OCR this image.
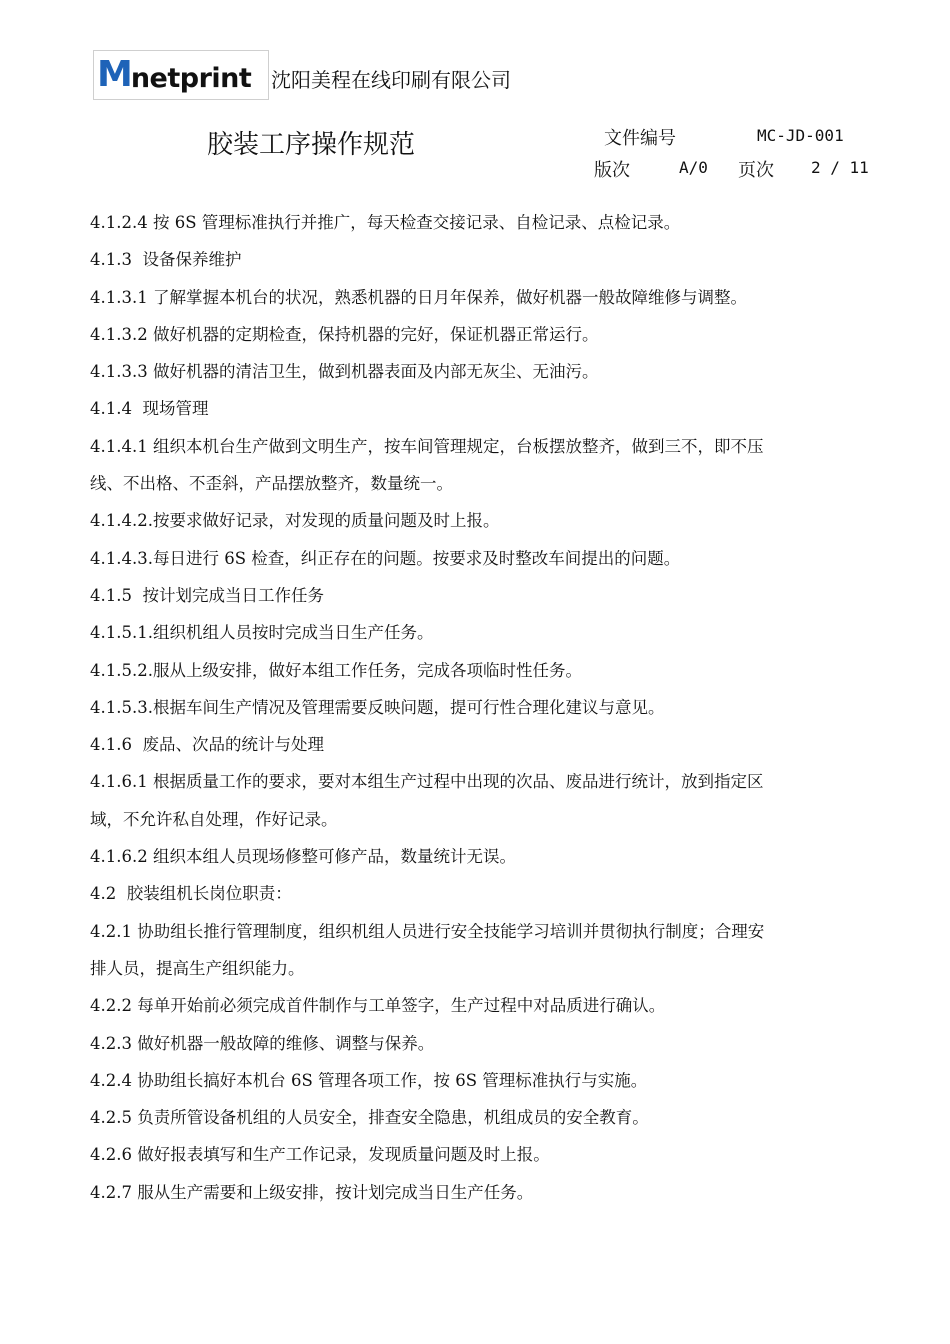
M netprint 沈阳美程在线印刷有限公司
胶装工序操作规范	文件编号	MC-JD-001
版次	A/0 页次 2 / 11

4.1.2.4 按 6S 管理标准执行并推广，每天检查交接记录、自检记录、点检记录。

4.1.3  设备保养维护

4.1.3.1 了解掌握本机台的状况，熟悉机器的日月年保养，做好机器一般故障维修与调整。

4.1.3.2 做好机器的定期检查，保持机器的完好，保证机器正常运行。

4.1.3.3 做好机器的清洁卫生，做到机器表面及内部无灰尘、无油污。

4.1.4  现场管理

4.1.4.1 组织本机台生产做到文明生产，按车间管理规定，台板摆放整齐，做到三不，即不压

线、不出格、不歪斜，产品摆放整齐，数量统一。

4.1.4.2.按要求做好记录，对发现的质量问题及时上报。

4.1.4.3.每日进行 6S 检查，纠正存在的问题。按要求及时整改车间提出的问题。

4.1.5  按计划完成当日工作任务

4.1.5.1.组织机组人员按时完成当日生产任务。

4.1.5.2.服从上级安排，做好本组工作任务，完成各项临时性任务。

4.1.5.3.根据车间生产情况及管理需要反映问题，提可行性合理化建议与意见。

4.1.6  废品、次品的统计与处理

4.1.6.1 根据质量工作的要求，要对本组生产过程中出现的次品、废品进行统计，放到指定区

域，不允许私自处理，作好记录。

4.1.6.2 组织本组人员现场修整可修产品，数量统计无误。

4.2  胶装组机长岗位职责：

4.2.1 协助组长推行管理制度，组织机组人员进行安全技能学习培训并贯彻执行制度；合理安

排人员，提高生产组织能力。

4.2.2 每单开始前必须完成首件制作与工单签字，生产过程中对品质进行确认。

4.2.3 做好机器一般故障的维修、调整与保养。

4.2.4 协助组长搞好本机台 6S 管理各项工作，按 6S 管理标准执行与实施。

4.2.5 负责所管设备机组的人员安全，排查安全隐患，机组成员的安全教育。

4.2.6 做好报表填写和生产工作记录，发现质量问题及时上报。

4.2.7 服从生产需要和上级安排，按计划完成当日生产任务。
